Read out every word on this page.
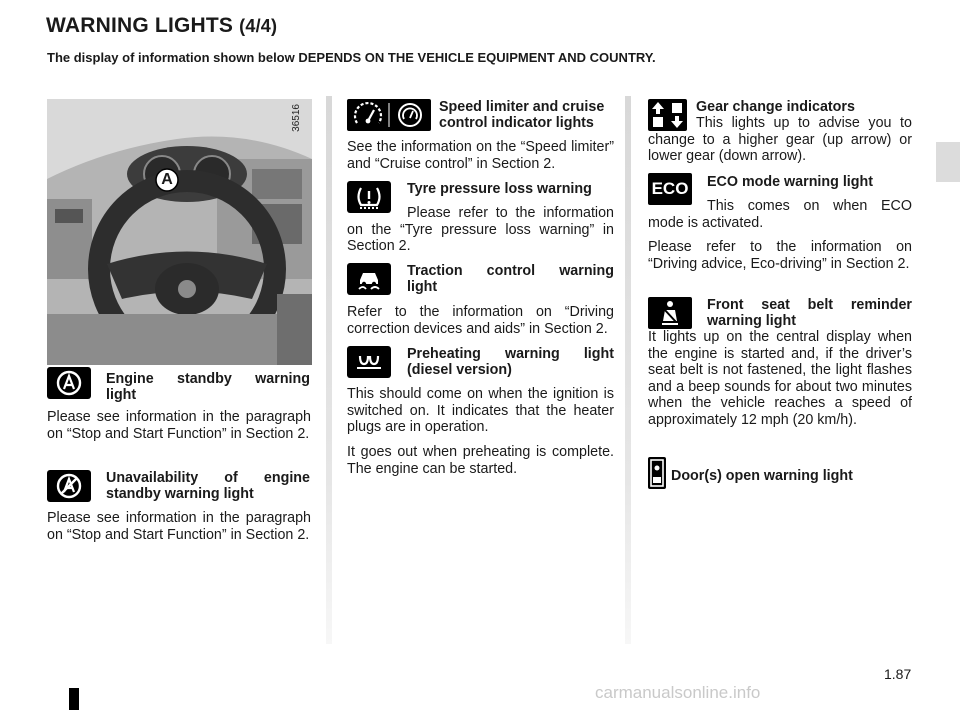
WARNING LIGHTS (4/4)
The display of information shown below DEPENDS ON THE VEHICLE EQUIPMENT AND COUNTRY.
A
36516
Engine standby warning
light
Please see information in the paragraph on “Stop and Start Function” in Section 2.
Unavailability of engine
standby warning light
Please see information in the paragraph on “Stop and Start Function” in Section 2.
Speed limiter and cruise
control indicator lights
See the information on the “Speed limiter” and “Cruise control” in Section 2.
Tyre pressure loss warning
Please refer to the information on the “Tyre pressure loss warning” in Section 2.
Traction control warning
light
Refer to the information on “Driving correction devices and aids” in Section 2.
Preheating warning light
(diesel version)
This should come on when the ignition is switched on. It indicates that the heater plugs are in operation.
It goes out when preheating is complete. The engine can be started.
Gear change indicators
This lights up to advise you to change to a higher gear (up arrow) or lower gear (down arrow).
ECO ECO mode warning light
This comes on when ECO mode is activated.
Please refer to the information on “Driving advice, Eco-driving” in Section 2.
Front seat belt reminder
warning light
It lights up on the central display when the engine is started and, if the driver’s seat belt is not fastened, the light flashes and a beep sounds for about two minutes when the vehicle reaches a speed of approximately 12 mph (20 km/h).
Door(s) open warning light
1.87
carmanualsonline.info
